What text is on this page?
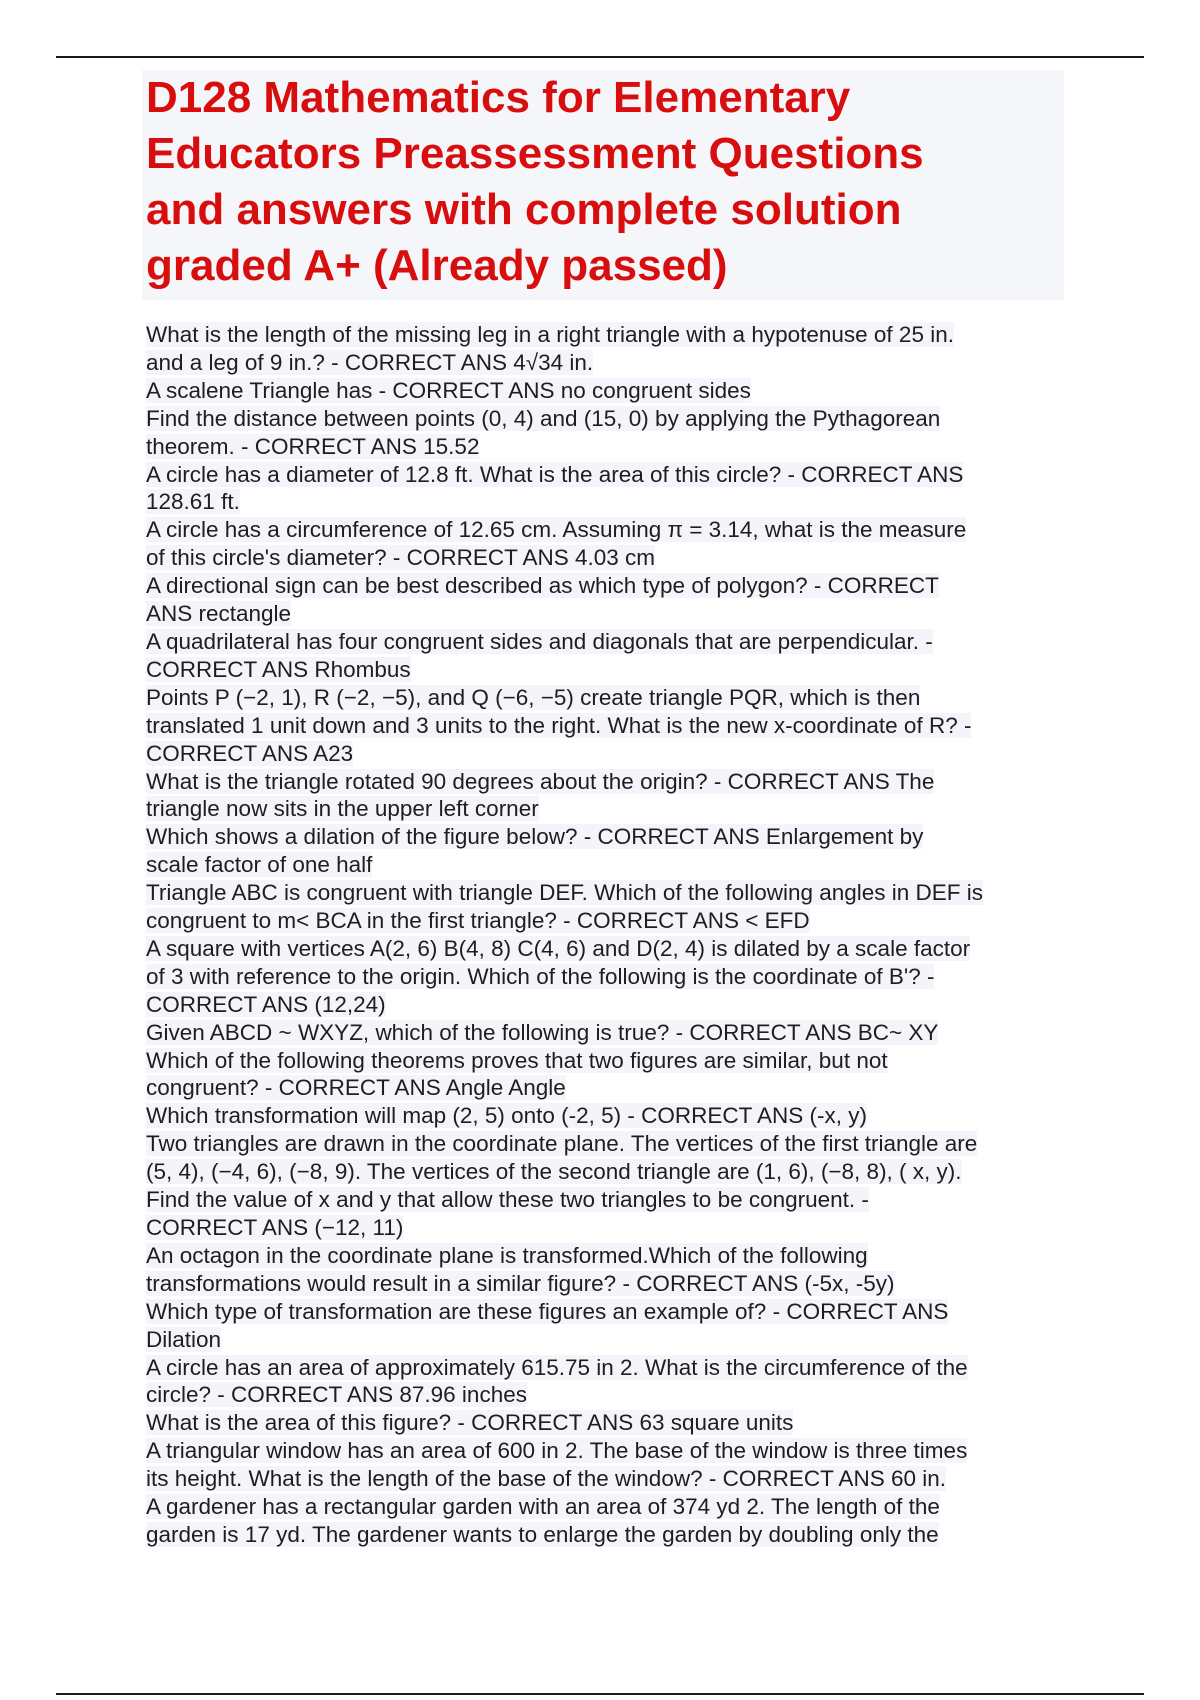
D128 Mathematics for Elementary
Educators Preassessment Questions
and answers with complete solution
graded A+ (Already passed)
What is the length of the missing leg in a right triangle with a hypotenuse of 25 in.
and a leg of 9 in.? - CORRECT ANS 4√34 in.
A scalene Triangle has - CORRECT ANS no congruent sides
Find the distance between points (0, 4) and (15, 0) by applying the Pythagorean
theorem. - CORRECT ANS 15.52
A circle has a diameter of 12.8 ft. What is the area of this circle? - CORRECT ANS
128.61 ft.
A circle has a circumference of 12.65 cm. Assuming π = 3.14, what is the measure
of this circle's diameter? - CORRECT ANS 4.03 cm
A directional sign can be best described as which type of polygon? - CORRECT
ANS rectangle
A quadrilateral has four congruent sides and diagonals that are perpendicular. -
CORRECT ANS Rhombus
Points P (−2, 1), R (−2, −5), and Q (−6, −5) create triangle PQR, which is then
translated 1 unit down and 3 units to the right. What is the new x-coordinate of R? -
CORRECT ANS A23
What is the triangle rotated 90 degrees about the origin? - CORRECT ANS The
triangle now sits in the upper left corner
Which shows a dilation of the figure below? - CORRECT ANS Enlargement by
scale factor of one half
Triangle ABC is congruent with triangle DEF. Which of the following angles in DEF is
congruent to m< BCA in the first triangle? - CORRECT ANS < EFD
A square with vertices A(2, 6) B(4, 8) C(4, 6) and D(2, 4) is dilated by a scale factor
of 3 with reference to the origin. Which of the following is the coordinate of B'? -
CORRECT ANS (12,24)
Given ABCD ~ WXYZ, which of the following is true? - CORRECT ANS BC~ XY
Which of the following theorems proves that two figures are similar, but not
congruent? - CORRECT ANS Angle Angle
Which transformation will map (2, 5) onto (-2, 5) - CORRECT ANS (-x, y)
Two triangles are drawn in the coordinate plane. The vertices of the first triangle are
(5, 4), (−4, 6), (−8, 9). The vertices of the second triangle are (1, 6), (−8, 8), ( x, y).
Find the value of x and y that allow these two triangles to be congruent. -
CORRECT ANS (−12, 11)
An octagon in the coordinate plane is transformed.Which of the following
transformations would result in a similar figure? - CORRECT ANS (-5x, -5y)
Which type of transformation are these figures an example of? - CORRECT ANS
Dilation
A circle has an area of approximately 615.75 in 2. What is the circumference of the
circle? - CORRECT ANS 87.96 inches
What is the area of this figure? - CORRECT ANS 63 square units
A triangular window has an area of 600 in 2. The base of the window is three times
its height. What is the length of the base of the window? - CORRECT ANS 60 in.
A gardener has a rectangular garden with an area of 374 yd 2. The length of the
garden is 17 yd. The gardener wants to enlarge the garden by doubling only the
